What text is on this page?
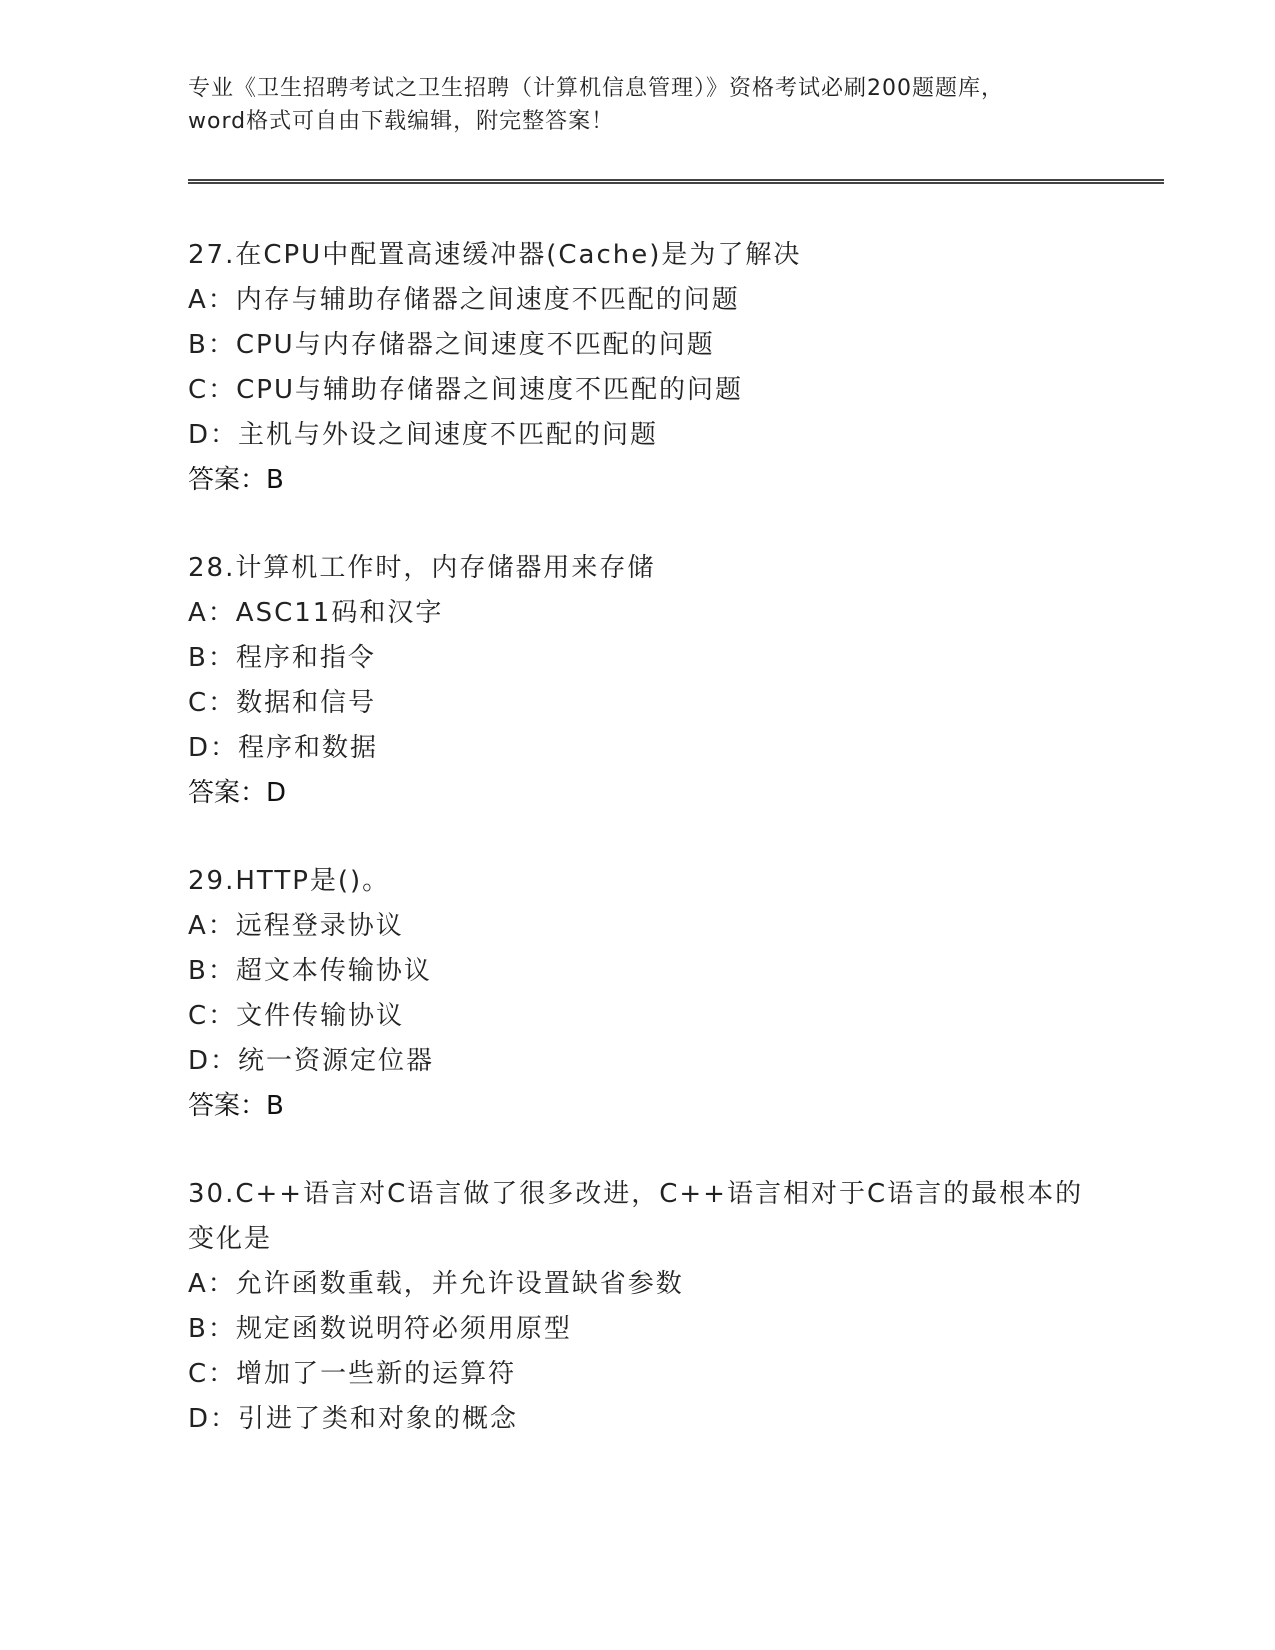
专业《卫生招聘考试之卫生招聘（计算机信息管理）》资格考试必刷200题题库，
word格式可自由下载编辑，附完整答案！
27.在CPU中配置高速缓冲器(Cache)是为了解决
A：内存与辅助存储器之间速度不匹配的问题
B：CPU与内存储器之间速度不匹配的问题
C：CPU与辅助存储器之间速度不匹配的问题
D：主机与外设之间速度不匹配的问题
答案：B
28.计算机工作时，内存储器用来存储
A：ASC11码和汉字
B：程序和指令
C：数据和信号
D：程序和数据
答案：D
29.HTTP是()。
A：远程登录协议
B：超文本传输协议
C：文件传输协议
D：统一资源定位器
答案：B
30.C++语言对C语言做了很多改进，C++语言相对于C语言的最根本的
变化是
A：允许函数重载，并允许设置缺省参数
B：规定函数说明符必须用原型
C：增加了一些新的运算符
D：引进了类和对象的概念
